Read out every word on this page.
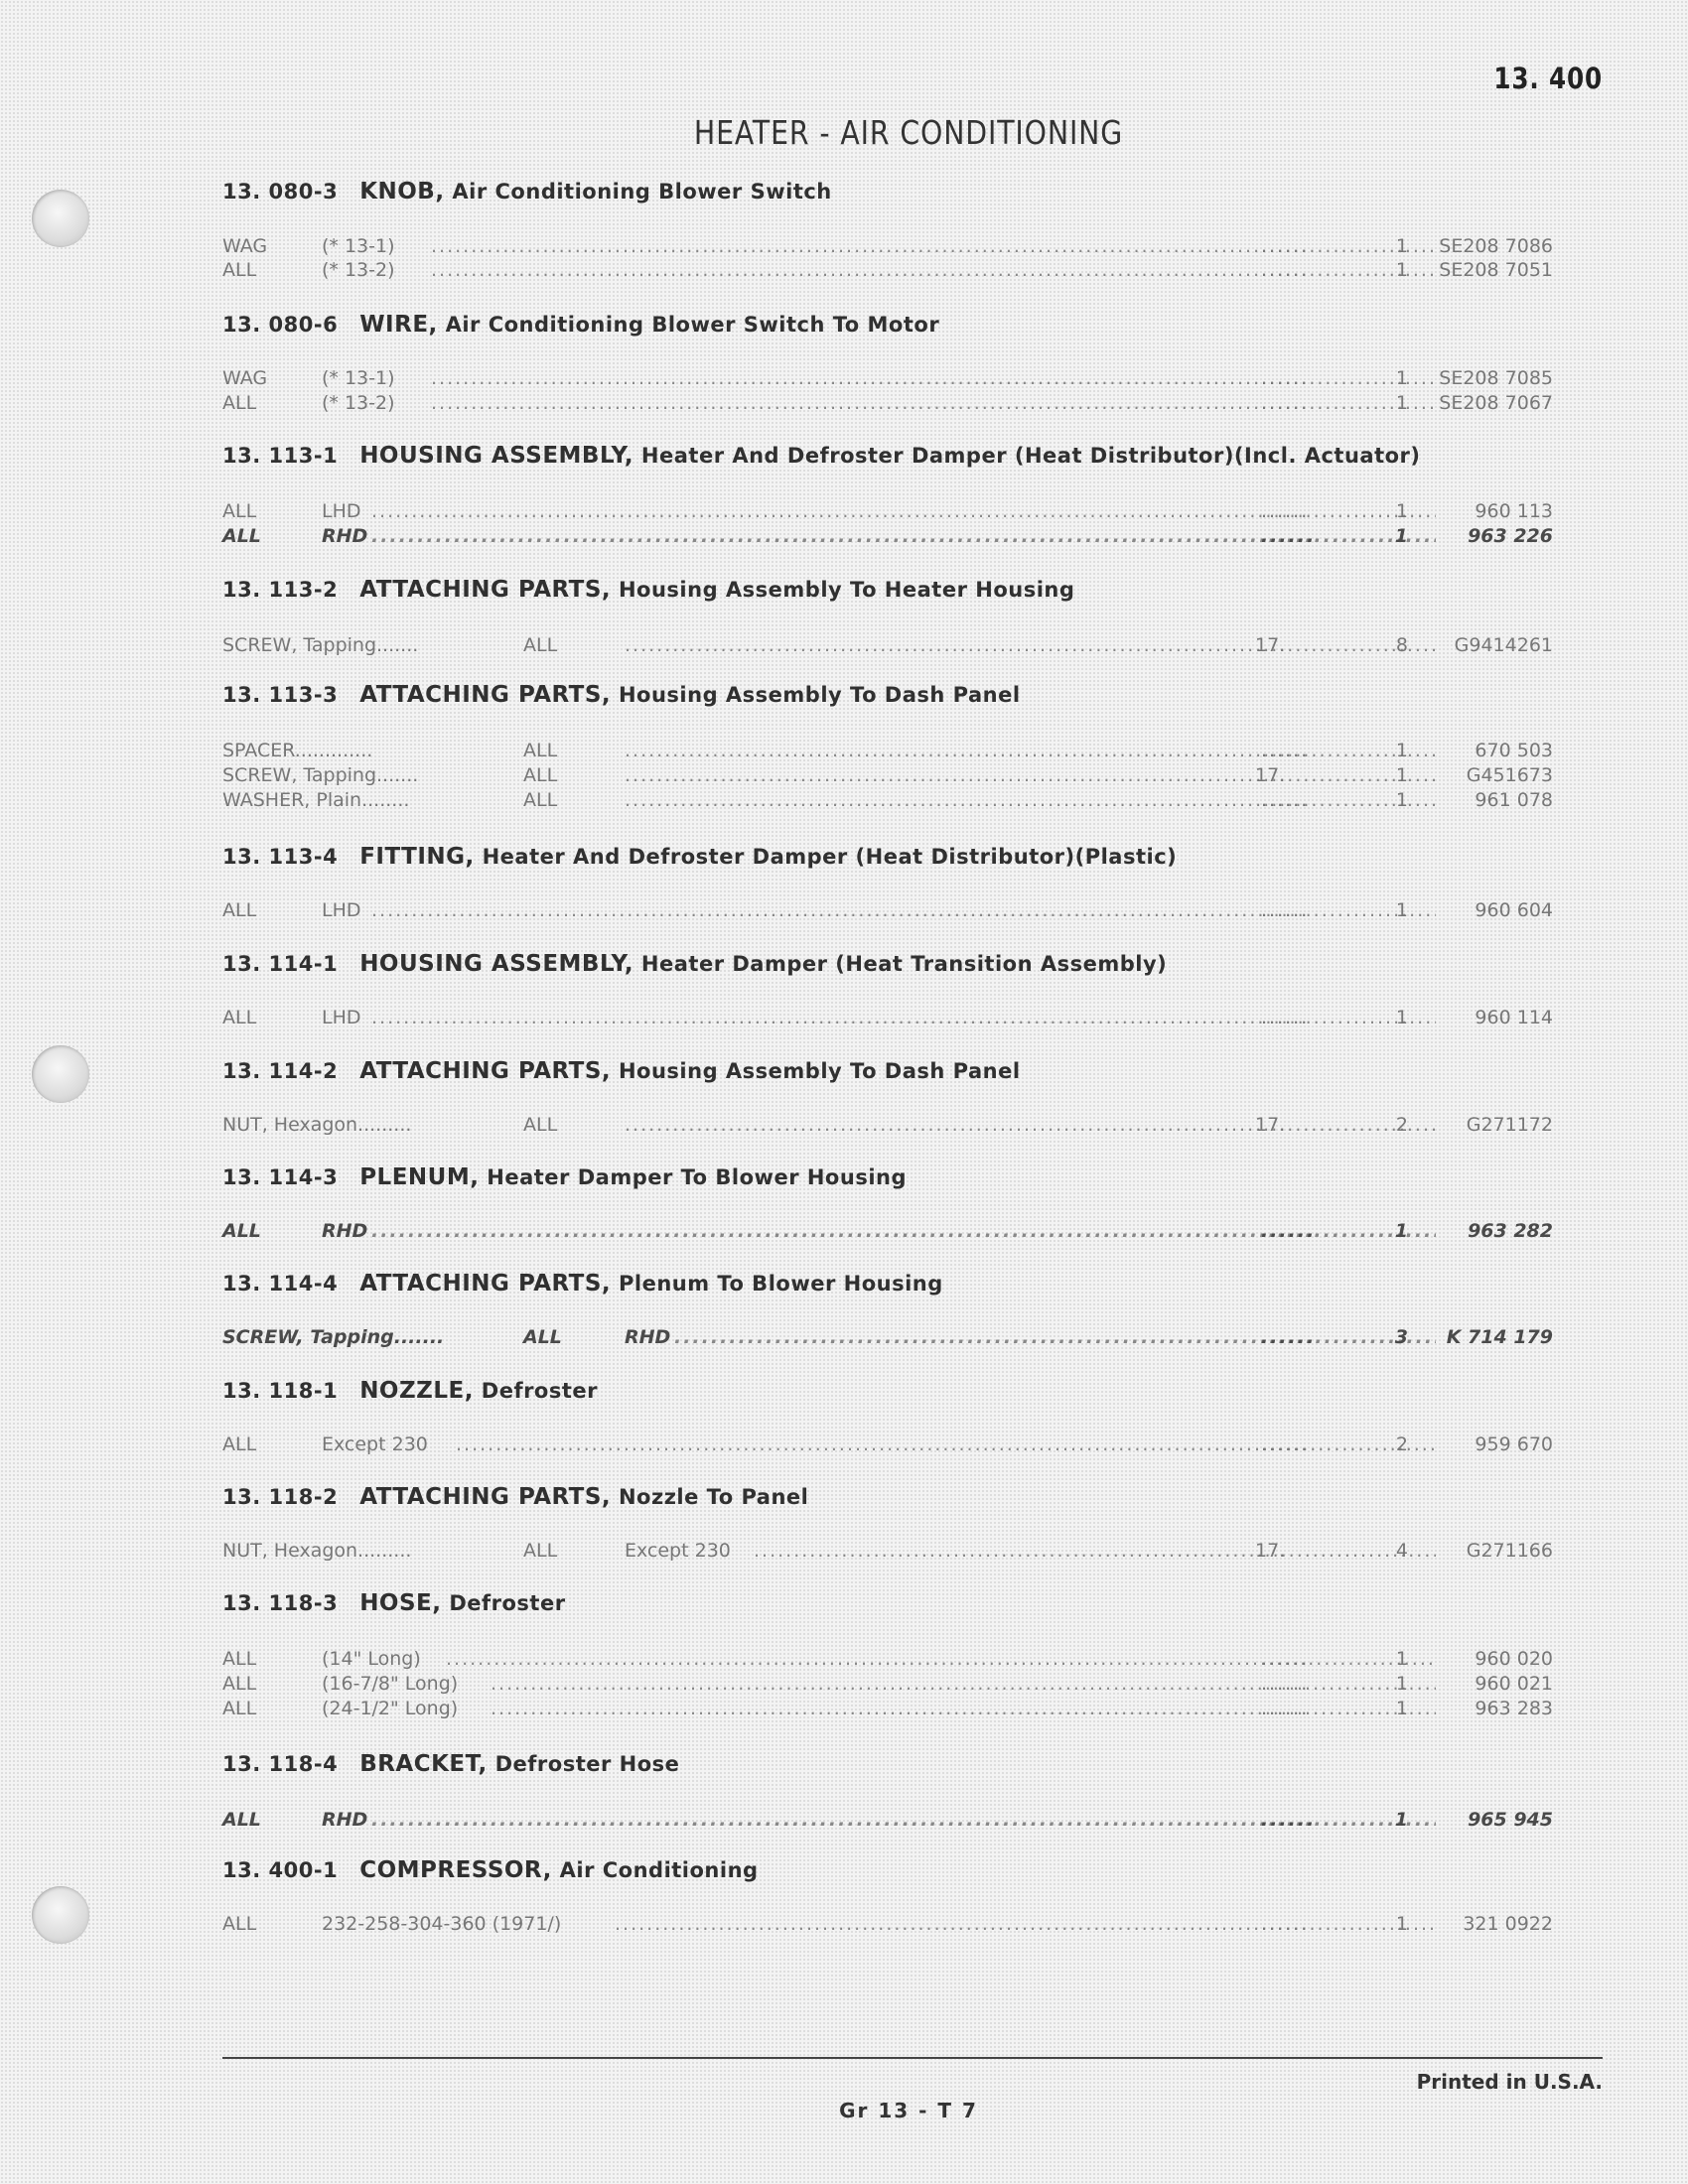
13. 400
HEATER - AIR CONDITIONING
13. 080-3 KNOB, Air Conditioning Blower Switch
WAG	(* 13-1) .....	......	1	SE208 7086
ALL	(* 13-2) .....	......	1	SE208 7051
13. 080-6 WIRE, Air Conditioning Blower Switch To Motor
WAG	(* 13-1) .....	......	1	SE208 7085
ALL	(* 13-2) .....	......	1	SE208 7067
13. 113-1 HOUSING ASSEMBLY, Heater And Defroster Damper (Heat Distributor)(Incl. Actuator)
ALL	LHD .....	......	1	960 113
ALL	RHD .....	......	1	963 226
13. 113-2 ATTACHING PARTS, Housing Assembly To Heater Housing
SCREW, Tapping.......	ALL .....	17.	8	G9414261
13. 113-3 ATTACHING PARTS, Housing Assembly To Dash Panel
SPACER.............	ALL .....	......	1	670 503
SCREW, Tapping.......	ALL .....	17.	1	G451673
WASHER, Plain........	ALL .....	......	1	961 078
13. 113-4 FITTING, Heater And Defroster Damper (Heat Distributor)(Plastic)
ALL	LHD .....	......	1	960 604
13. 114-1 HOUSING ASSEMBLY, Heater Damper (Heat Transition Assembly)
ALL	LHD .....	......	1	960 114
13. 114-2 ATTACHING PARTS, Housing Assembly To Dash Panel
NUT, Hexagon.........	ALL .....	17.	2	G271172
13. 114-3 PLENUM, Heater Damper To Blower Housing
ALL	RHD .....	......	1	963 282
13. 114-4 ATTACHING PARTS, Plenum To Blower Housing
SCREW, Tapping.......	ALL	RHD .....	......	3	K 714 179
13. 118-1 NOZZLE, Defroster
ALL	Except 230 .....	......	2	959 670
13. 118-2 ATTACHING PARTS, Nozzle To Panel
NUT, Hexagon.........	ALL	Except 230 .....	17.	4	G271166
13. 118-3 HOSE, Defroster
ALL	(14" Long) .....	......	1	960 020
ALL	(16-7/8" Long) .....	......	1	960 021
ALL	(24-1/2" Long) .....	......	1	963 283
13. 118-4 BRACKET, Defroster Hose
ALL	RHD .....	......	1	965 945
13. 400-1 COMPRESSOR, Air Conditioning
ALL	232-258-304-360 (1971/) .....	......	1	321 0922
Printed in U.S.A.
Gr 13 - T 7
